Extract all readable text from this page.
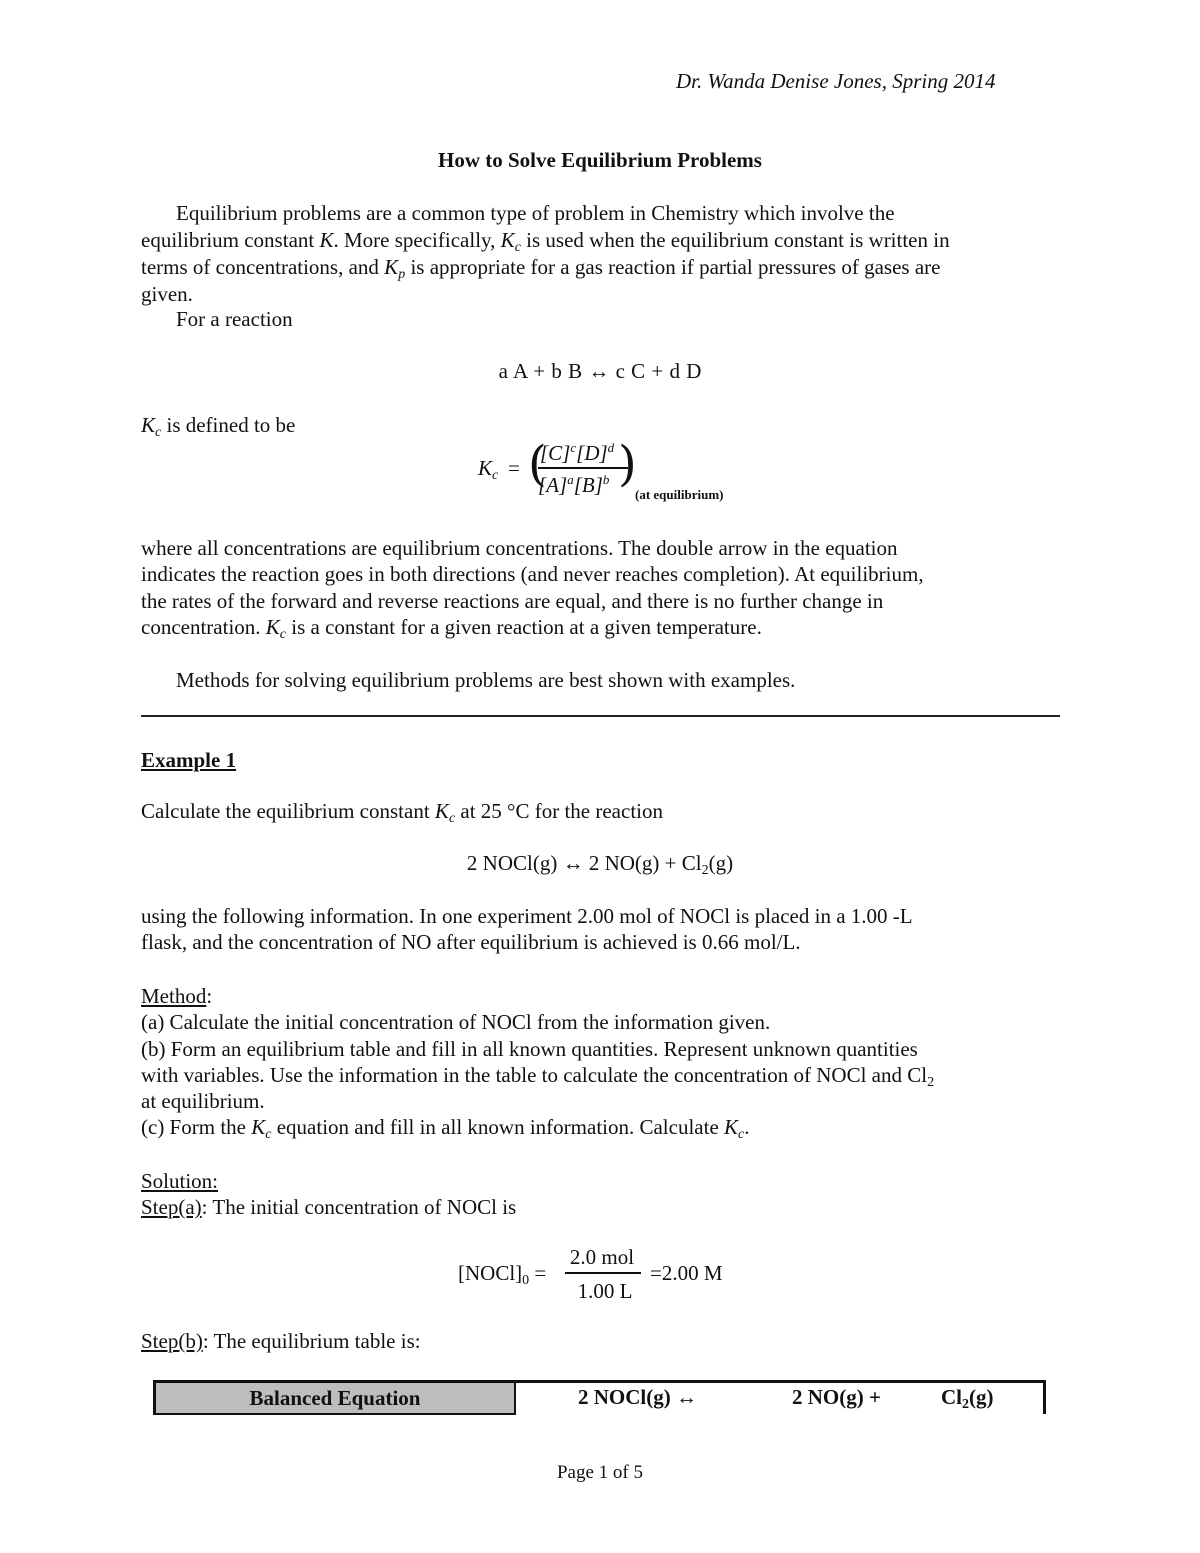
Dr. Wanda Denise Jones, Spring 2014
How to Solve Equilibrium Problems
Equilibrium problems are a common type of problem in Chemistry which involve the
equilibrium constant K. More specifically, $K_c$ is used when the equilibrium constant is written in
terms of concentrations, and $K_p$ is appropriate for a gas reaction if partial pressures of gases are
given.
For a reaction
a A + b B ↔ c C + d D
$K_c$ is defined to be
$K_c$ = (
$[C]^c[D]^d$
$[A]^a[B]^b$ )
(at equilibrium)
where all concentrations are equilibrium concentrations. The double arrow in the equation
indicates the reaction goes in both directions (and never reaches completion). At equilibrium,
the rates of the forward and reverse reactions are equal, and there is no further change in
concentration. $K_c$ is a constant for a given reaction at a given temperature.
Methods for solving equilibrium problems are best shown with examples.
Example 1
Calculate the equilibrium constant $K_c$ at 25 °C for the reaction
2 NOCl(g) ↔ 2 $NO(g) + Cl_2(g)$
using the following information. In one experiment 2.00 mol of NOCl is placed in a 1.00 -L
flask, and the concentration of NO after equilibrium is achieved is 0.66 mol/L.
Method:
(a) Calculate the initial concentration of NOCl from the information given.
(b) Form an equilibrium table and fill in all known quantities. Represent unknown quantities
with variables. Use the information in the table to calculate the concentration of NOCl and $Cl_2$
at equilibrium.
(c) Form the $K_c$ equation and fill in all known information. Calculate $K_c$.
Solution:
Step(a): The initial concentration of NOCl is
$[NOCl]_0$ =
2.0 mol
1.00 L
=2.00 M
Step(b): The equilibrium table is:
Balanced Equation	2 NOCl(g) ↔	2 NO(g) +	$Cl_2(g)$
Page 1 of 5
